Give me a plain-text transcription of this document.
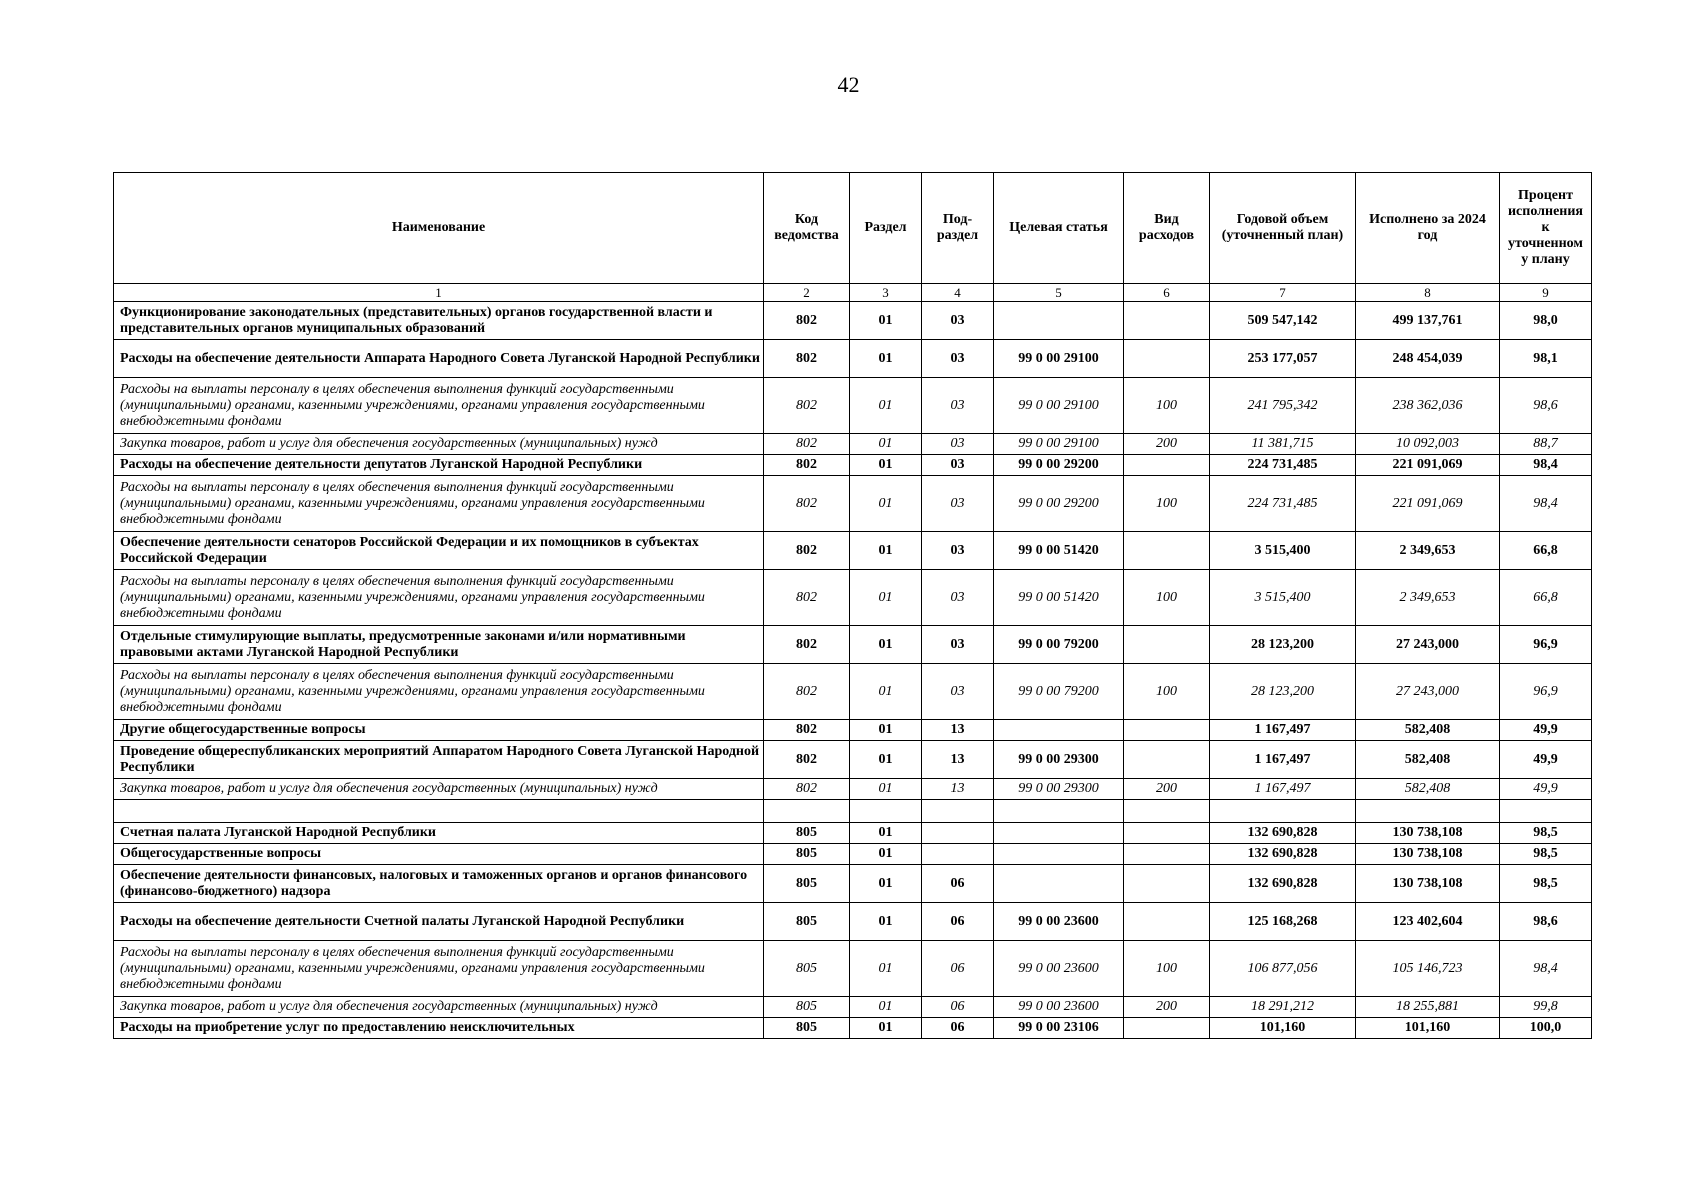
42
Наименование	Код ведомства	Раздел	Под-раздел	Целевая статья	Вид расходов	Годовой объем (уточненный план)	Исполнено за 2024 год	Процент исполнения к уточненном у плану
1	2	3	4	5	6	7	8	9
Функционирование законодательных (представительных) органов государственной власти и представительных органов муниципальных образований	802	01	03			509 547,142	499 137,761	98,0
Расходы на обеспечение деятельности Аппарата Народного Совета Луганской Народной Республики	802	01	03	99 0 00 29100		253 177,057	248 454,039	98,1
Расходы на выплаты персоналу в целях обеспечения выполнения функций государственными (муниципальными) органами, казенными учреждениями, органами управления государственными внебюджетными фондами	802	01	03	99 0 00 29100	100	241 795,342	238 362,036	98,6
Закупка товаров, работ и услуг для обеспечения государственных (муниципальных) нужд	802	01	03	99 0 00 29100	200	11 381,715	10 092,003	88,7
Расходы на обеспечение деятельности депутатов Луганской Народной Республики	802	01	03	99 0 00 29200		224 731,485	221 091,069	98,4
Расходы на выплаты персоналу в целях обеспечения выполнения функций государственными (муниципальными) органами, казенными учреждениями, органами управления государственными внебюджетными фондами	802	01	03	99 0 00 29200	100	224 731,485	221 091,069	98,4
Обеспечение деятельности сенаторов Российской Федерации и их помощников в субъектах Российской Федерации	802	01	03	99 0 00 51420		3 515,400	2 349,653	66,8
Расходы на выплаты персоналу в целях обеспечения выполнения функций государственными (муниципальными) органами, казенными учреждениями, органами управления государственными внебюджетными фондами	802	01	03	99 0 00 51420	100	3 515,400	2 349,653	66,8
Отдельные стимулирующие выплаты, предусмотренные законами и/или нормативными правовыми актами Луганской Народной Республики	802	01	03	99 0 00 79200		28 123,200	27 243,000	96,9
Расходы на выплаты персоналу в целях обеспечения выполнения функций государственными (муниципальными) органами, казенными учреждениями, органами управления государственными внебюджетными фондами	802	01	03	99 0 00 79200	100	28 123,200	27 243,000	96,9
Другие общегосударственные вопросы	802	01	13			1 167,497	582,408	49,9
Проведение общереспубликанских мероприятий Аппаратом Народного Совета Луганской Народной Республики	802	01	13	99 0 00 29300		1 167,497	582,408	49,9
Закупка товаров, работ и услуг для обеспечения государственных (муниципальных) нужд	802	01	13	99 0 00 29300	200	1 167,497	582,408	49,9

Счетная палата Луганской Народной Республики	805	01				132 690,828	130 738,108	98,5
Общегосударственные вопросы	805	01				132 690,828	130 738,108	98,5
Обеспечение деятельности финансовых, налоговых и таможенных органов и органов финансового (финансово-бюджетного) надзора	805	01	06			132 690,828	130 738,108	98,5
Расходы на обеспечение деятельности Счетной палаты Луганской Народной Республики	805	01	06	99 0 00 23600		125 168,268	123 402,604	98,6
Расходы на выплаты персоналу в целях обеспечения выполнения функций государственными (муниципальными) органами, казенными учреждениями, органами управления государственными внебюджетными фондами	805	01	06	99 0 00 23600	100	106 877,056	105 146,723	98,4
Закупка товаров, работ и услуг для обеспечения государственных (муниципальных) нужд	805	01	06	99 0 00 23600	200	18 291,212	18 255,881	99,8
Расходы на приобретение услуг по предоставлению неисключительных	805	01	06	99 0 00 23106		101,160	101,160	100,0
